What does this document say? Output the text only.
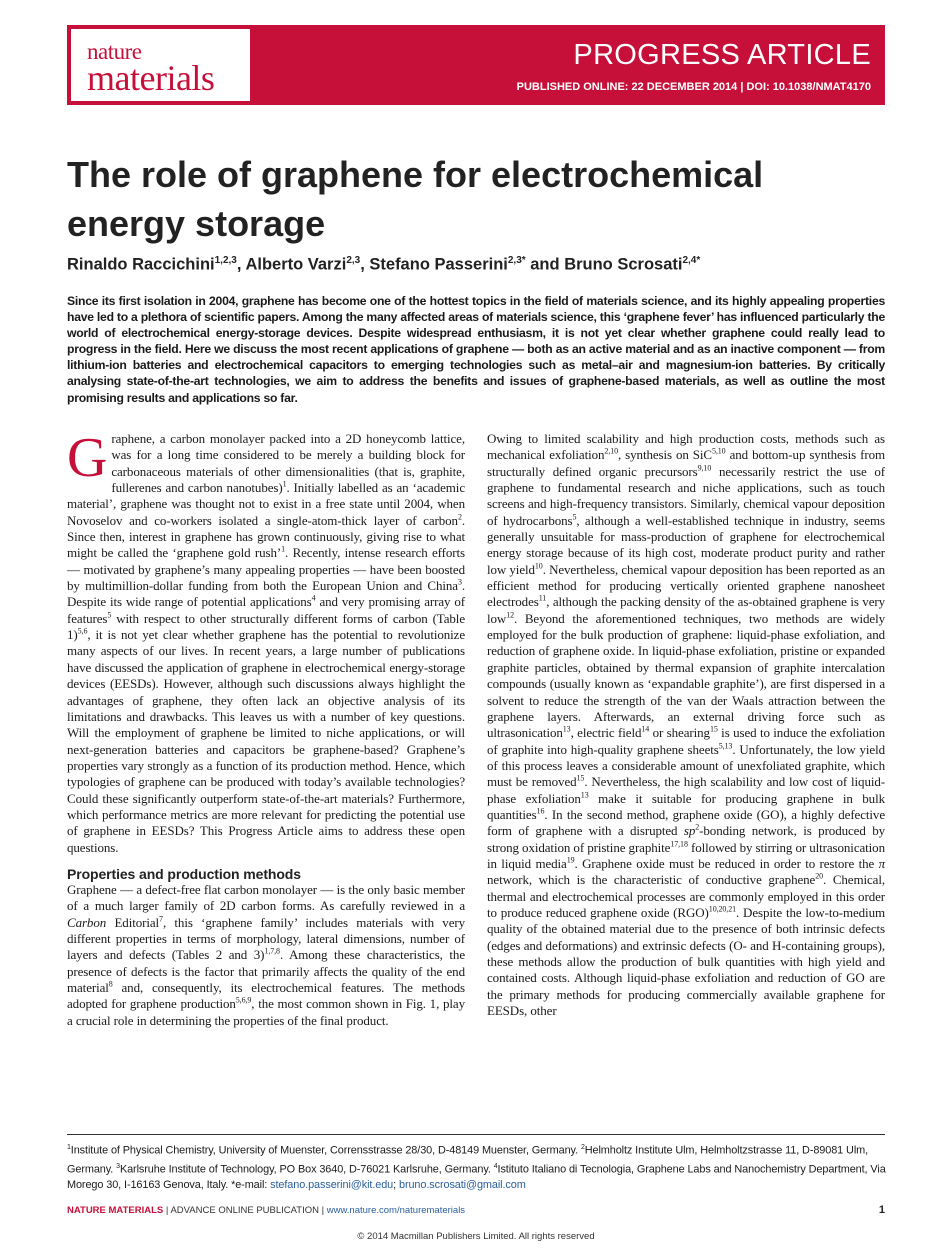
nature
materials
PROGRESS ARTICLE
PUBLISHED ONLINE: 22 DECEMBER 2014 | DOI: 10.1038/NMAT4170
The role of graphene for electrochemical energy storage
Rinaldo Raccichini$^{1,2,3}$, Alberto Varzi$^{2,3}$, Stefano Passerini$^{2,3*}$ and Bruno Scrosati$^{2,4*}$

Since its first isolation in 2004, graphene has become one of the hottest topics in the field of materials science, and its highly appealing properties have led to a plethora of scientific papers. Among the many affected areas of materials science, this ‘graphene fever’ has influenced particularly the world of electrochemical energy-storage devices. Despite widespread enthusiasm, it is not yet clear whether graphene could really lead to progress in the field. Here we discuss the most recent applications of graphene — both as an active material and as an inactive component — from lithium-ion batteries and electrochemical capacitors to emerging technologies such as metal–air and magnesium-ion batteries. By critically analysing state-of-the-art technologies, we aim to address the benefits and issues of graphene-based materials, as well as outline the most promising results and applications so far.

G raphene, a carbon monolayer packed into a 2D honeycomb lattice, was for a long time considered to be merely a building block for carbonaceous materials of other dimensionalities (that is, graphite, fullerenes and carbon nanotubes)$^1$. Initially labelled as an ‘academic material’, graphene was thought not to exist in a free state until 2004, when Novoselov and co-workers isolated a single-atom-thick layer of carbon$^2$. Since then, interest in graphene has grown continuously, giving rise to what might be called the ‘graphene gold rush’$^1$. Recently, intense research efforts — motivated by graphene’s many appealing properties — have been boosted by multimillion-dollar funding from both the European Union and China$^3$. Despite its wide range of potential applications$^4$ and very promising array of features$^5$ with respect to other structurally different forms of carbon (Table 1)$^{5,6}$, it is not yet clear whether graphene has the potential to revolutionize many aspects of our lives. In recent years, a large number of publications have discussed the application of graphene in electrochemical energy-storage devices (EESDs). However, although such discussions always highlight the advantages of graphene, they often lack an objective analysis of its limitations and drawbacks. This leaves us with a number of key questions. Will the employment of graphene be limited to niche applications, or will next-generation batteries and capacitors be graphene-based? Graphene’s properties vary strongly as a function of its production method. Hence, which typologies of graphene can be produced with today’s available technologies? Could these significantly outperform state-of-the-art materials? Furthermore, which performance metrics are more relevant for predicting the potential use of graphene in EESDs? This Progress Article aims to address these open questions.

Properties and production methods

Graphene — a defect-free flat carbon monolayer — is the only basic member of a much larger family of 2D carbon forms. As carefully reviewed in a Carbon Editorial$^7$, this ‘graphene family’ includes materials with very different properties in terms of morphology, lateral dimensions, number of layers and defects (Tables 2 and 3)$^{1,7,8}$. Among these characteristics, the presence of defects is the factor that primarily affects the quality of the end material$^8$ and, consequently, its electrochemical features. The methods adopted for graphene production$^{5,6,9}$, the most common shown in Fig. 1, play a crucial role in determining the properties of the final product.

Owing to limited scalability and high production costs, methods such as mechanical exfoliation$^{2,10}$, synthesis on SiC$^{5,10}$ and bottom-up synthesis from structurally defined organic precursors$^{9,10}$ necessarily restrict the use of graphene to fundamental research and niche applications, such as touch screens and high-frequency transistors. Similarly, chemical vapour deposition of hydrocarbons$^5$, although a well-established technique in industry, seems generally unsuitable for mass-production of graphene for electrochemical energy storage because of its high cost, moderate product purity and rather low yield$^{10}$. Nevertheless, chemical vapour deposition has been reported as an efficient method for producing vertically oriented graphene nanosheet electrodes$^{11}$, although the packing density of the as-obtained graphene is very low$^{12}$. Beyond the aforementioned techniques, two methods are widely employed for the bulk production of graphene: liquid-phase exfoliation, and reduction of graphene oxide. In liquid-phase exfoliation, pristine or expanded graphite particles, obtained by thermal expansion of graphite intercalation compounds (usually known as ‘expandable graphite’), are first dispersed in a solvent to reduce the strength of the van der Waals attraction between the graphene layers. Afterwards, an external driving force such as ultrasonication$^{13}$, electric field$^{14}$ or shearing$^{15}$ is used to induce the exfoliation of graphite into high-quality graphene sheets$^{5,13}$. Unfortunately, the low yield of this process leaves a considerable amount of unexfoliated graphite, which must be removed$^{15}$. Nevertheless, the high scalability and low cost of liquid-phase exfoliation$^{13}$ make it suitable for producing graphene in bulk quantities$^{16}$. In the second method, graphene oxide (GO), a highly defective form of graphene with a disrupted $sp^2$-bonding network, is produced by strong oxidation of pristine graphite$^{17,18}$ followed by stirring or ultrasonication in liquid media$^{19}$. Graphene oxide must be reduced in order to restore the π network, which is the characteristic of conductive graphene$^{20}$. Chemical, thermal and electrochemical processes are commonly employed in this order to produce reduced graphene oxide (RGO)$^{10,20,21}$. Despite the low-to-medium quality of the obtained material due to the presence of both intrinsic defects (edges and deformations) and extrinsic defects (O- and H-containing groups), these methods allow the production of bulk quantities with high yield and contained costs. Although liquid-phase exfoliation and reduction of GO are the primary methods for producing commercially available graphene for EESDs, other

$^1$Institute of Physical Chemistry, University of Muenster, Corrensstrasse 28/30, D-48149 Muenster, Germany. $^2$Helmholtz Institute Ulm, Helmholtzstrasse 11, D-89081 Ulm, Germany. $^3$Karlsruhe Institute of Technology, PO Box 3640, D-76021 Karlsruhe, Germany. $^4$Istituto Italiano di Tecnologia, Graphene Labs and Nanochemistry Department, Via Morego 30, I-16163 Genova, Italy. *e-mail: stefano.passerini@kit.edu; bruno.scrosati@gmail.com
NATURE MATERIALS | ADVANCE ONLINE PUBLICATION | www.nature.com/naturematerials	1
© 2014 Macmillan Publishers Limited. All rights reserved
